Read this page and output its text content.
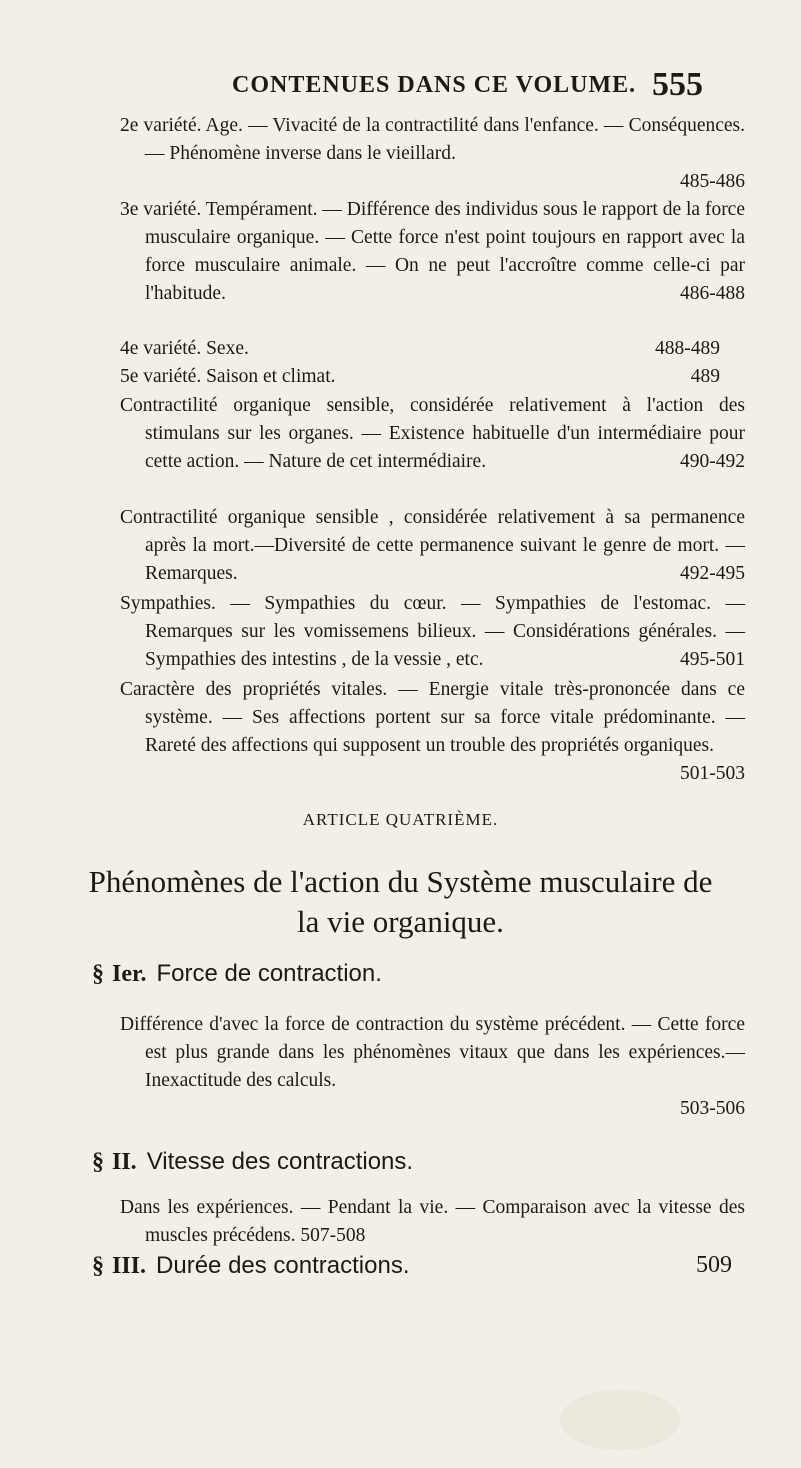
CONTENUES DANS CE VOLUME. 555
2e variété. Age. — Vivacité de la contractilité dans l'enfance. — Conséquences. — Phénomène inverse dans le vieillard.
485-486
3e variété. Tempérament. — Différence des individus sous le rapport de la force musculaire organique. — Cette force n'est point toujours en rapport avec la force musculaire animale. — On ne peut l'accroître comme celle-ci par l'habitude.	486-488
4e variété. Sexe.	488-489
5e variété. Saison et climat.	489
Contractilité organique sensible, considérée relativement à l'action des stimulans sur les organes. — Existence habituelle d'un intermédiaire pour cette action. — Nature de cet intermédiaire.	490-492
Contractilité organique sensible , considérée relativement à sa permanence après la mort.—Diversité de cette permanence suivant le genre de mort. — Remarques.	492-495
Sympathies. — Sympathies du cœur. — Sympathies de l'estomac. — Remarques sur les vomissemens bilieux. — Considérations générales. — Sympathies des intestins , de la vessie , etc.	495-501
Caractère des propriétés vitales. — Energie vitale très-prononcée dans ce système. — Ses affections portent sur sa force vitale prédominante. — Rareté des affections qui supposent un trouble des propriétés organiques.
501-503
ARTICLE QUATRIÈME.
Phénomènes de l'action du Système musculaire de
la vie organique.
§ Ier. Force de contraction.
Différence d'avec la force de contraction du système précédent. — Cette force est plus grande dans les phénomènes vitaux que dans les expériences.—Inexactitude des calculs.
503-506
§ II. Vitesse des contractions.
Dans les expériences. — Pendant la vie. — Comparaison avec la vitesse des muscles précédens. 507-508
§ III. Durée des contractions.	509
